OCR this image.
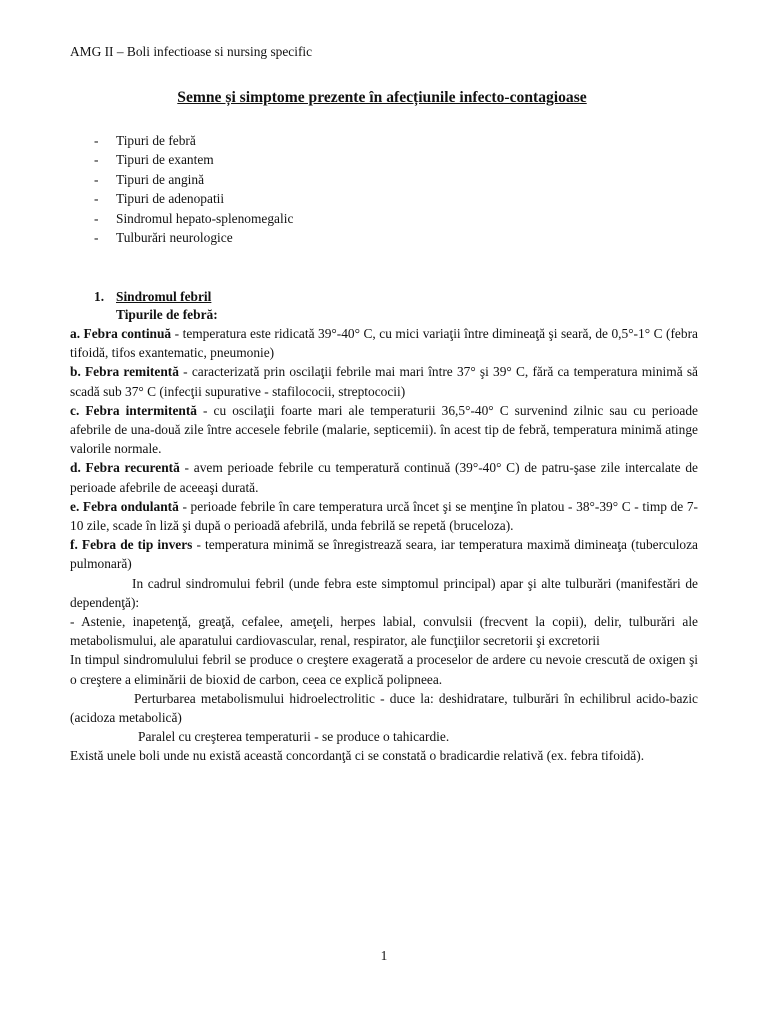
AMG II – Boli infectioase si nursing specific
Semne și simptome prezente în afecțiunile infecto-contagioase
- Tipuri de febră
- Tipuri de exantem
- Tipuri de angină
- Tipuri de adenopatii
- Sindromul hepato-splenomegalic
- Tulburări neurologice
1. Sindromul febril
Tipurile de febră:

a. Febra continuă - temperatura este ridicată 39°-40° C, cu mici variaţii între dimineaţă şi seară, de 0,5°-1° C (febra tifoidă, tifos exantematic, pneumonie)

b. Febra remitentă - caracterizată prin oscilaţii febrile mai mari între 37° şi 39° C, fără ca temperatura minimă să scadă sub 37° C (infecţii supurative - stafilococii, streptococii)

c. Febra intermitentă - cu oscilaţii foarte mari ale temperaturii 36,5°-40° C survenind zilnic sau cu perioade afebrile de una-două zile între accesele febrile (malarie, septicemii). în acest tip de febră, temperatura minimă atinge valorile normale.

d. Febra recurentă - avem perioade febrile cu temperatură continuă (39°-40° C) de patru-şase zile intercalate de perioade afebrile de aceeaşi durată.

e. Febra ondulantă - perioade febrile în care temperatura urcă încet şi se menţine în platou - 38°-39° C - timp de 7-10 zile, scade în liză şi după o perioadă afebrilă, unda febrilă se repetă (bruceloza).

f. Febra de tip invers - temperatura minimă se înregistrează seara, iar temperatura maximă dimineaţa (tuberculoza pulmonară)

In cadrul sindromului febril (unde febra este simptomul principal) apar şi alte tulburări (manifestări de dependenţă):

- Astenie, inapetenţă, greaţă, cefalee, ameţeli, herpes labial, convulsii (frecvent la copii), delir, tulburări ale metabolismului, ale aparatului cardiovascular, renal, respirator, ale funcţiilor secretorii şi excretorii

In timpul sindromulului febril se produce o creştere exagerată a proceselor de ardere cu nevoie crescută de oxigen şi o creştere a eliminării de bioxid de carbon, ceea ce explică polipneea.

Perturbarea metabolismului hidroelectrolitic - duce la: deshidratare, tulburări în echilibrul acido-bazic (acidoza metabolică)

Paralel cu creşterea temperaturii - se produce o tahicardie.

Există unele boli unde nu există această concordanţă ci se constată o bradicardie relativă (ex. febra tifoidă).

1
